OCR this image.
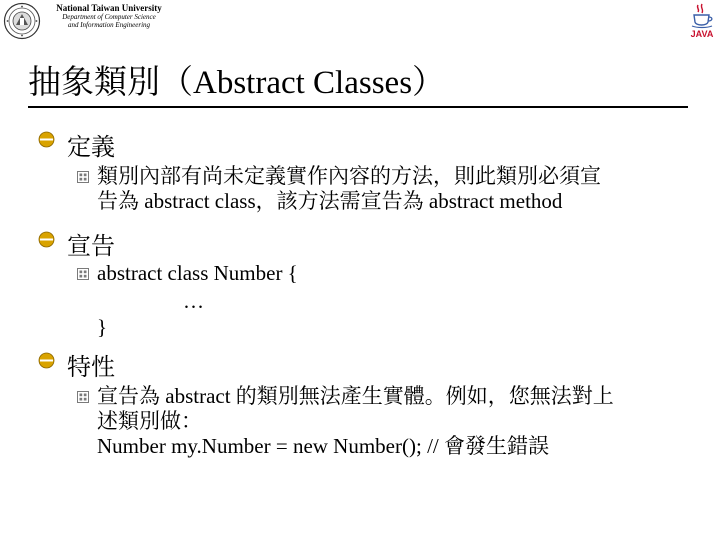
National Taiwan University
Department of Computer Science
and Information Engineering
JAVA
抽象類別（Abstract Classes）
定義
類別內部有尚未定義實作內容的方法，則此類別必須宣
告為 abstract class，該方法需宣告為 abstract method
宣告
abstract class Number {
…
}
特性
宣告為 abstract 的類別無法產生實體。例如，您無法對上
述類別做：
Number my.Number = new Number(); // 會發生錯誤
